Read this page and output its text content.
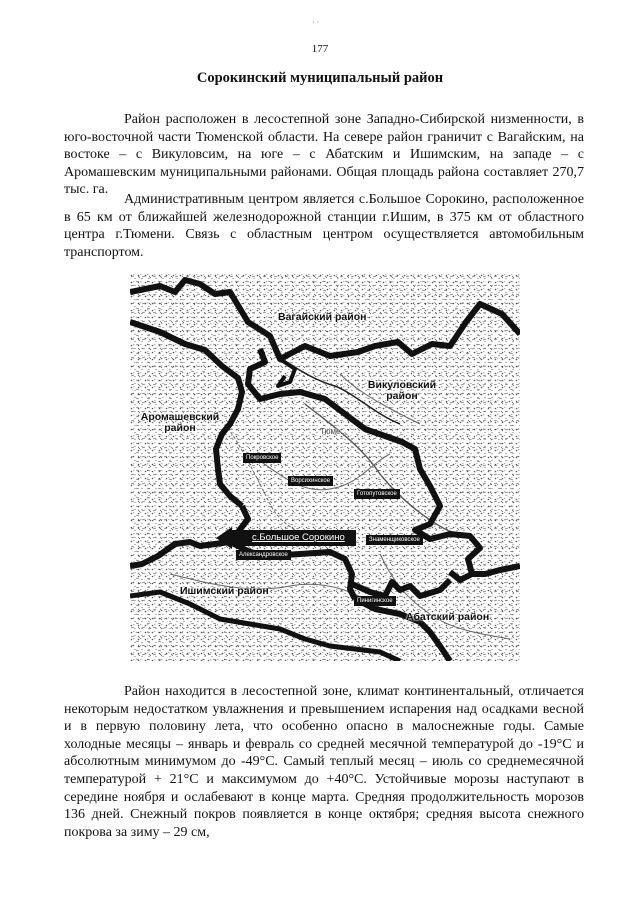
· ·
177
Сорокинский муниципальный район

Район расположен в лесостепной зоне Западно-Сибирской низменности, в юго-восточной части Тюменской области. На севере район граничит с Вагайским, на востоке – с Викуловсим, на юге – с Абатским и Ишимским, на западе – с Аромашевским муниципальными районами. Общая площадь района составляет 270,7 тыс. га.

Административным центром является с.Большое Сорокино, расположенное в 65 км от ближайшей железнодорожной станции г.Ишим, в 375 км от областного центра г.Тюмени. Связь с областным центром осуществляется автомобильным транспортом.

Вагайский район
Викуловский район
Аромашевский район
Ишимский район
Абатский район
Тюме...
Покровское
Ворсихинское
Готопутовское
Знаменщиковское
Александровское
Пинигинское
с.Большое Сорокино

Район находится в лесостепной зоне, климат континентальный, отличается некоторым недостатком увлажнения и превышением испарения над осадками весной и в первую половину лета, что особенно опасно в малоснежные годы. Самые холодные месяцы – январь и февраль со средней месячной температурой до -19°С и абсолютным минимумом до -49°С. Самый теплый месяц – июль со среднемесячной температурой + 21°С и максимумом до +40°С. Устойчивые морозы наступают в середине ноября и ослабевают в конце марта. Средняя продолжительность морозов 136 дней. Снежный покров появляется в конце октября; средняя высота снежного покрова за зиму – 29 см,
